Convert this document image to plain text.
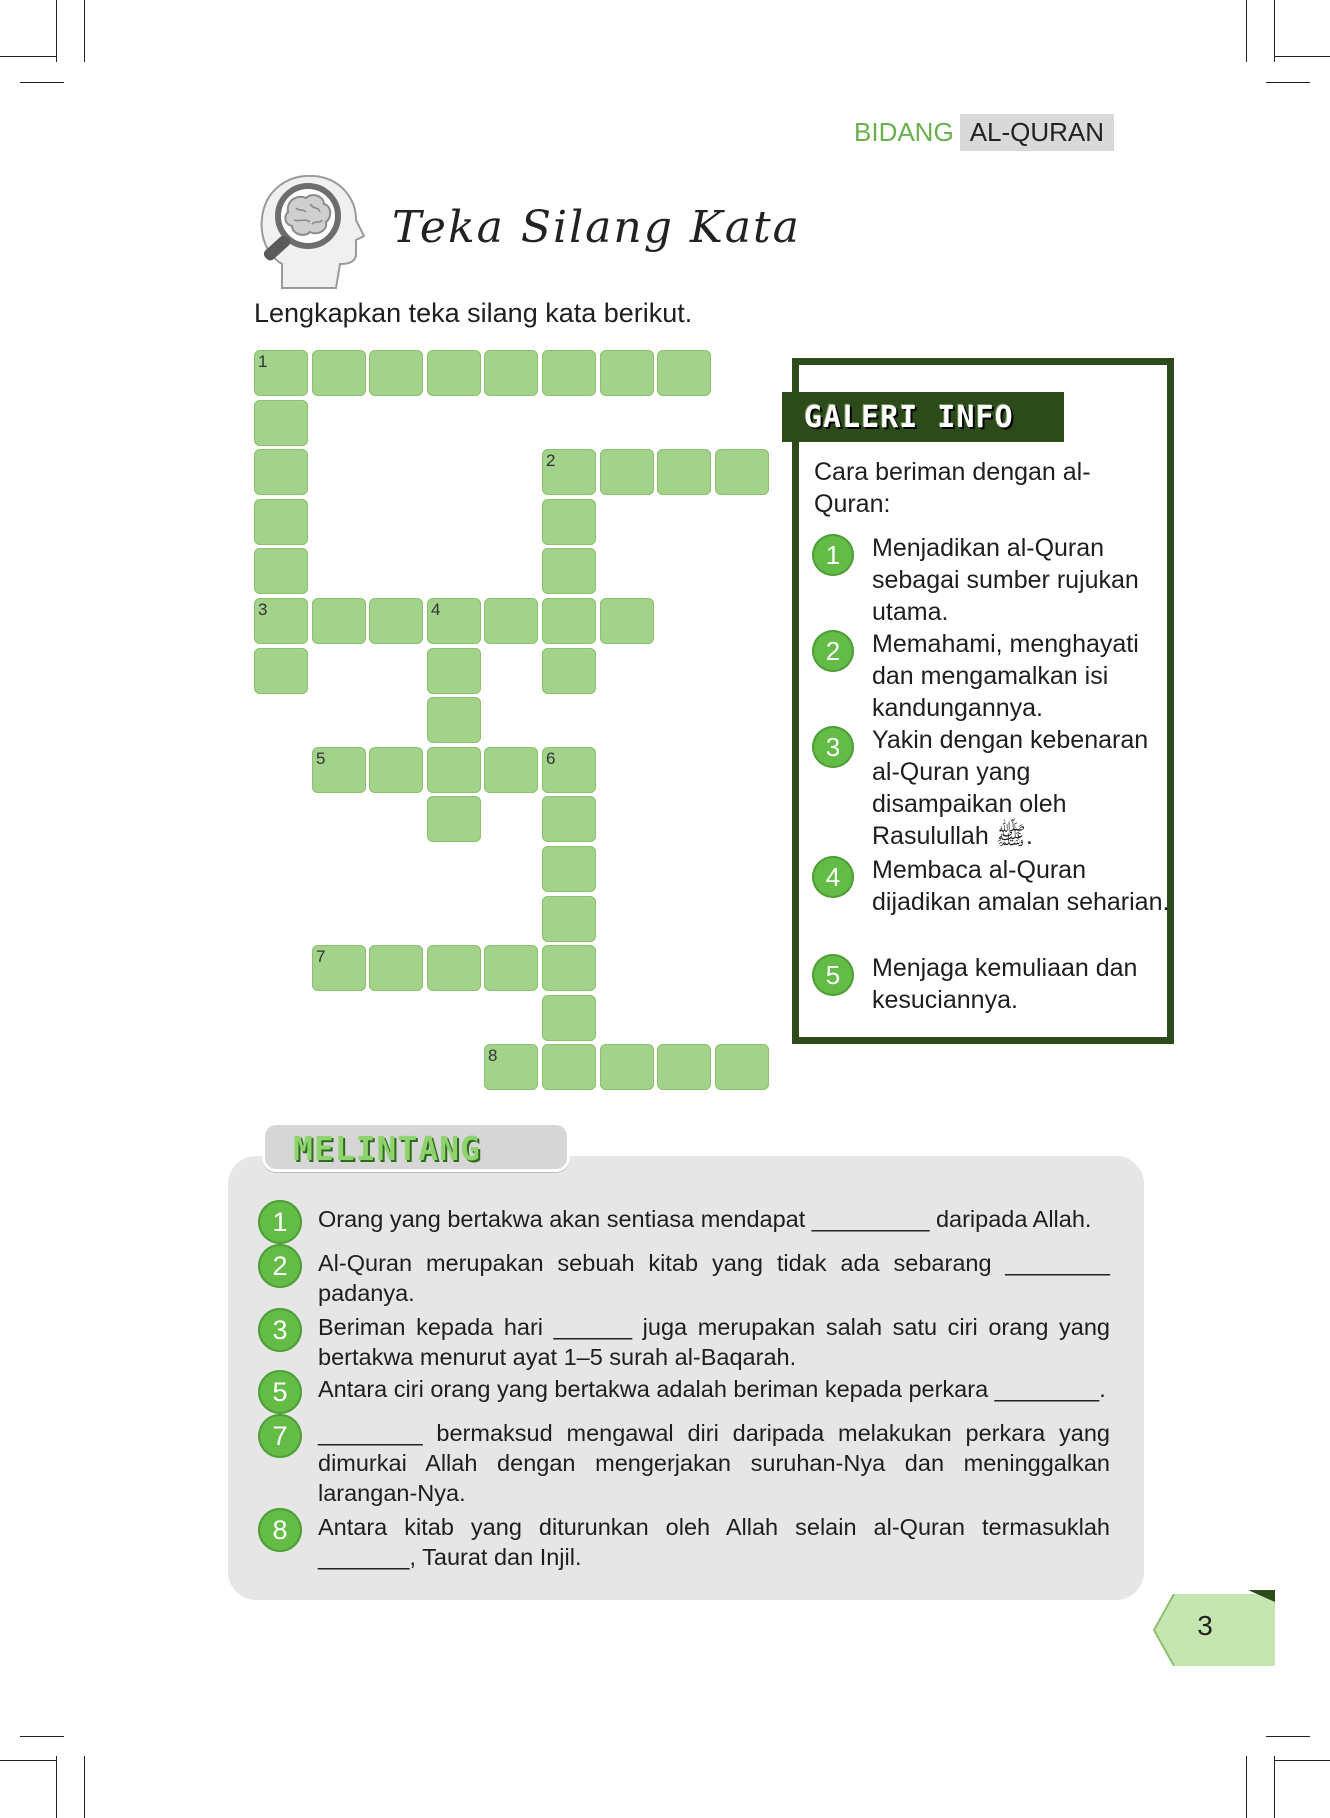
BIDANG AL-QURAN
Teka Silang Kata
Lengkapkan teka silang kata berikut.
1
2
3	4
5	6
7
8
GALERI INFO
Cara beriman dengan al-Quran:
1	Menjadikan al-Quran sebagai sumber rujukan utama.
2	Memahami, menghayati dan mengamalkan isi kandungannya.
3	Yakin dengan kebenaran al-Quran yang disampaikan oleh Rasulullah ﷺ.
4	Membaca al-Quran dijadikan amalan seharian.
5	Menjaga kemuliaan dan kesuciannya.
MELINTANG
1	Orang yang bertakwa akan sentiasa mendapat _________ daripada Allah.
2	Al-Quran merupakan sebuah kitab yang tidak ada sebarang ________ padanya.
3	Beriman kepada hari ______ juga merupakan salah satu ciri orang yang bertakwa menurut ayat 1–5 surah al-Baqarah.
5	Antara ciri orang yang bertakwa adalah beriman kepada perkara ________.
7	________ bermaksud mengawal diri daripada melakukan perkara yang dimurkai Allah dengan mengerjakan suruhan-Nya dan meninggalkan larangan-Nya.
8	Antara kitab yang diturunkan oleh Allah selain al-Quran termasuklah _______, Taurat dan Injil.
3
